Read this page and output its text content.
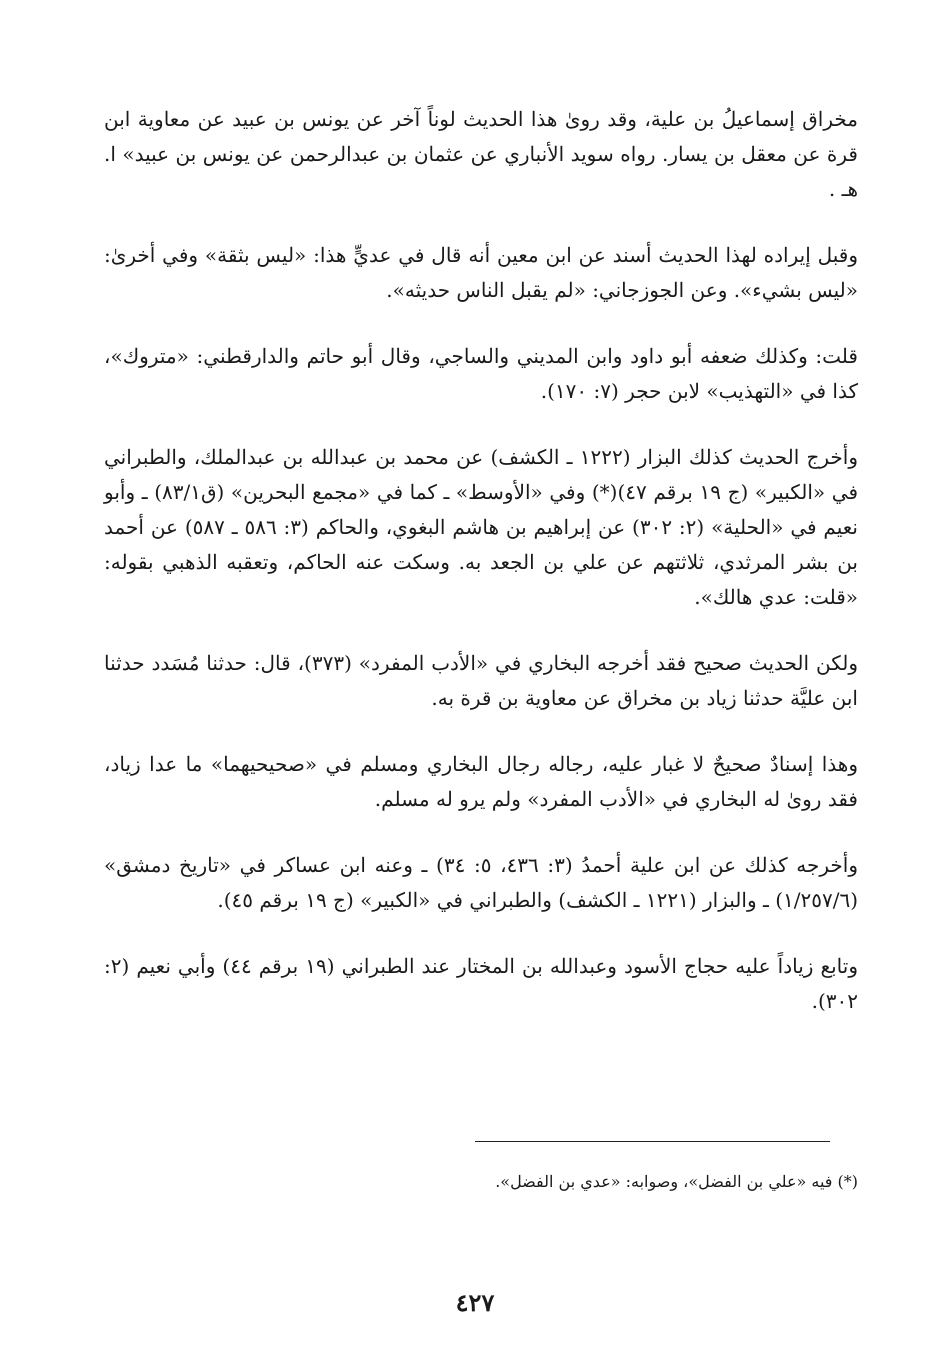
مخراق إسماعيلُ بن علية، وقد روىٰ هذا الحديث لوناً آخر عن يونس بن عبيد عن معاوية ابن قرة عن معقل بن يسار. رواه سويد الأنباري عن عثمان بن عبدالرحمن عن يونس بن عبيد» ا. هـ .

وقبل إيراده لهذا الحديث أسند عن ابن معين أنه قال في عديٍّ هذا: «ليس بثقة» وفي أخرىٰ: «ليس بشيء». وعن الجوزجاني: «لم يقبل الناس حديثه».

قلت: وكذلك ضعفه أبو داود وابن المديني والساجي، وقال أبو حاتم والدارقطني: «متروك»، كذا في «التهذيب» لابن حجر (٧: ١٧٠).

وأخرج الحديث كذلك البزار (١٢٢٢ ـ الكشف) عن محمد بن عبدالله بن عبدالملك، والطبراني في «الكبير» (ج ١٩ برقم ٤٧)(*) وفي «الأوسط» ـ كما في «مجمع البحرين» (ق٨٣/١) ـ وأبو نعيم في «الحلية» (٢: ٣٠٢) عن إبراهيم بن هاشم البغوي، والحاكم (٣: ٥٨٦ ـ ٥٨٧) عن أحمد بن بشر المرثدي، ثلاثتهم عن علي بن الجعد به. وسكت عنه الحاكم، وتعقبه الذهبي بقوله: «قلت: عدي هالك».

ولكن الحديث صحيح فقد أخرجه البخاري في «الأدب المفرد» (٣٧٣)، قال: حدثنا مُسَدد حدثنا ابن عليَّة حدثنا زياد بن مخراق عن معاوية بن قرة به.

وهذا إسنادٌ صحيحٌ لا غبار عليه، رجاله رجال البخاري ومسلم في «صحيحيهما» ما عدا زياد، فقد روىٰ له البخاري في «الأدب المفرد» ولم يرو له مسلم.

وأخرجه كذلك عن ابن علية أحمدُ (٣: ٤٣٦، ٥: ٣٤) ـ وعنه ابن عساكر في «تاريخ دمشق» (١/٢٥٧/٦) ـ والبزار (١٢٢١ ـ الكشف) والطبراني في «الكبير» (ج ١٩ برقم ٤٥).

وتابع زياداً عليه حجاج الأسود وعبدالله بن المختار عند الطبراني (١٩ برقم ٤٤) وأبي نعيم (٢: ٣٠٢).

(*) فيه «علي بن الفضل»، وصوابه: «عدي بن الفضل».

٤٢٧
